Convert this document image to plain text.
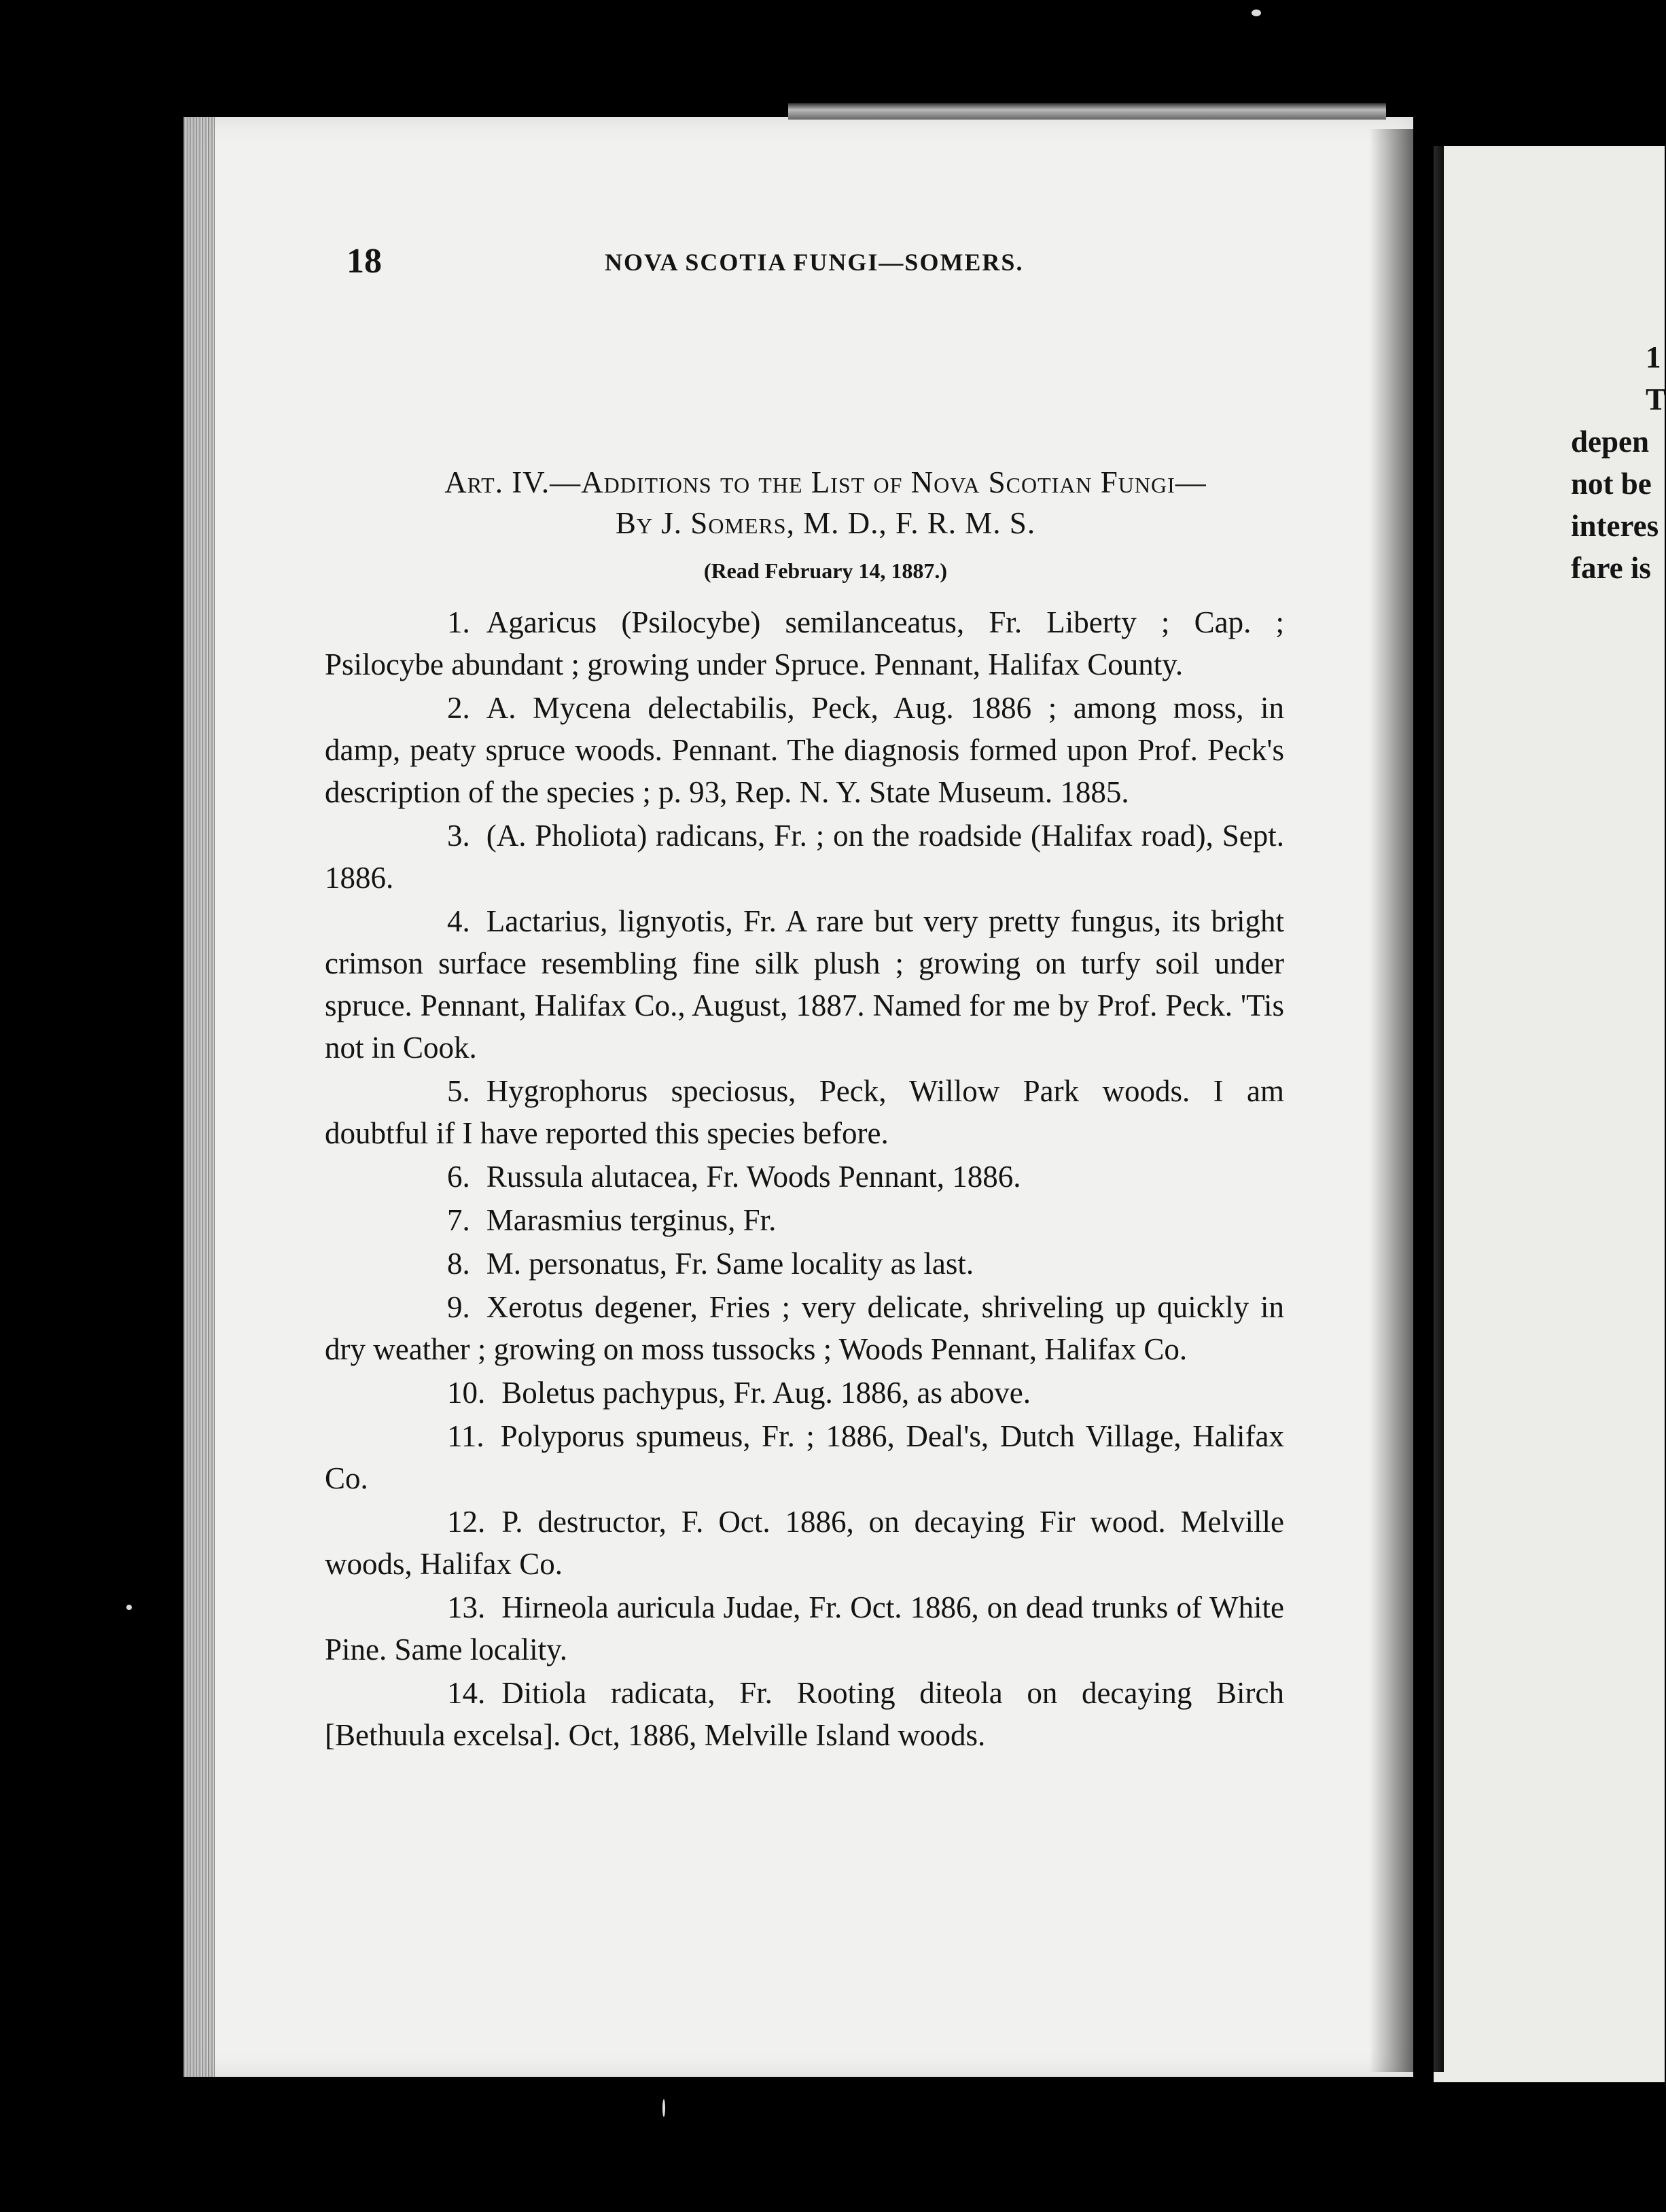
18	NOVA SCOTIA FUNGI—SOMERS.
Art. IV.—Additions to the List of Nova Scotian Fungi—
By J. Somers, M. D., F. R. M. S.
(Read February 14, 1887.)

1. Agaricus (Psilocybe) semilanceatus, Fr. Liberty ; Cap. ; Psilocybe abundant ; growing under Spruce. Pennant, Halifax County.

2. A. Mycena delectabilis, Peck, Aug. 1886 ; among moss, in damp, peaty spruce woods. Pennant. The diagnosis formed upon Prof. Peck's description of the species ; p. 93, Rep. N. Y. State Museum. 1885.

3. (A. Pholiota) radicans, Fr. ; on the roadside (Halifax road), Sept. 1886.

4. Lactarius, lignyotis, Fr. A rare but very pretty fungus, its bright crimson surface resembling fine silk plush ; growing on turfy soil under spruce. Pennant, Halifax Co., August, 1887. Named for me by Prof. Peck. 'Tis not in Cook.

5. Hygrophorus speciosus, Peck, Willow Park woods. I am doubtful if I have reported this species before.

6. Russula alutacea, Fr. Woods Pennant, 1886.

7. Marasmius terginus, Fr.

8. M. personatus, Fr. Same locality as last.

9. Xerotus degener, Fries ; very delicate, shriveling up quickly in dry weather ; growing on moss tussocks ; Woods Pennant, Halifax Co.

10. Boletus pachypus, Fr. Aug. 1886, as above.

11. Polyporus spumeus, Fr. ; 1886, Deal's, Dutch Village, Halifax Co.

12. P. destructor, F. Oct. 1886, on decaying Fir wood. Melville woods, Halifax Co.

13. Hirneola auricula Judae, Fr. Oct. 1886, on dead trunks of White Pine. Same locality.

14. Ditiola radicata, Fr. Rooting diteola on decaying Birch [Bethuula excelsa]. Oct, 1886, Melville Island woods.

1
T
depen
not be
interes
fare is
